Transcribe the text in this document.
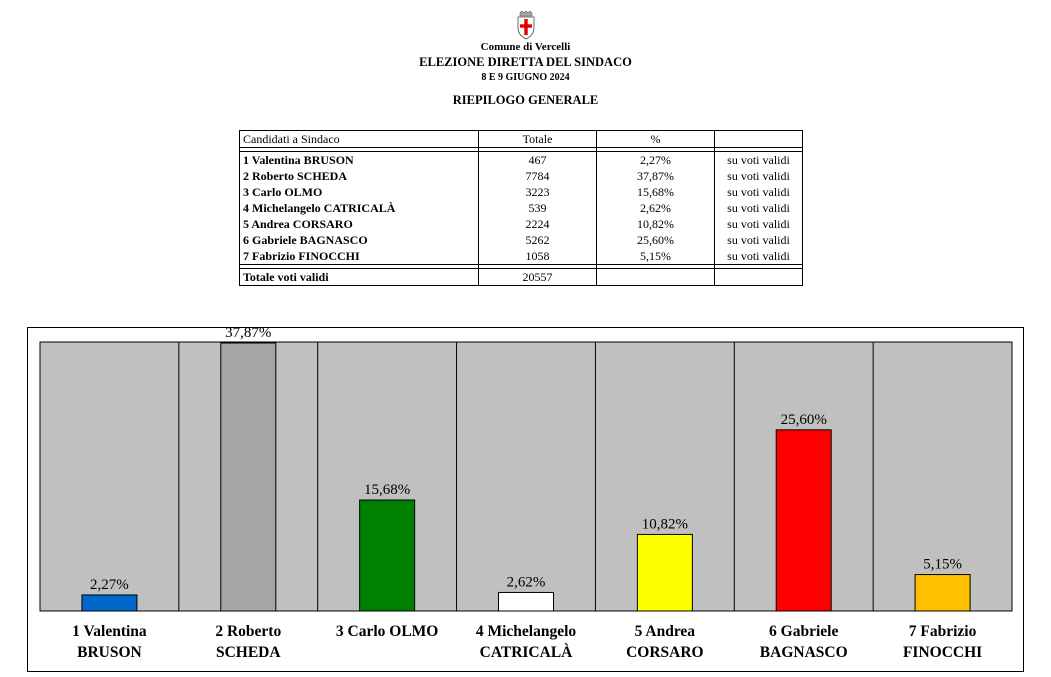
Comune di Vercelli
ELEZIONE DIRETTA DEL SINDACO
8 E 9 GIUGNO 2024
RIEPILOGO GENERALE
Candidati a Sindaco	Totale	%	

1 Valentina BRUSON	467	2,27%	su voti validi
2 Roberto SCHEDA	7784	37,87%	su voti validi
3 Carlo OLMO	3223	15,68%	su voti validi
4 Michelangelo CATRICALÀ	539	2,62%	su voti validi
5 Andrea CORSARO	2224	10,82%	su voti validi
6 Gabriele BAGNASCO	5262	25,60%	su voti validi
7 Fabrizio FINOCCHI	1058	5,15%	su voti validi

Totale voti validi	20557		
2,27%
37,87%
15,68%
2,62%
10,82%
25,60%
5,15%
1 Valentina
BRUSON
2 Roberto
SCHEDA
3 Carlo OLMO 4 Michelangelo
CATRICALÀ
5 Andrea
CORSARO
6 Gabriele
BAGNASCO
7 Fabrizio
FINOCCHI
